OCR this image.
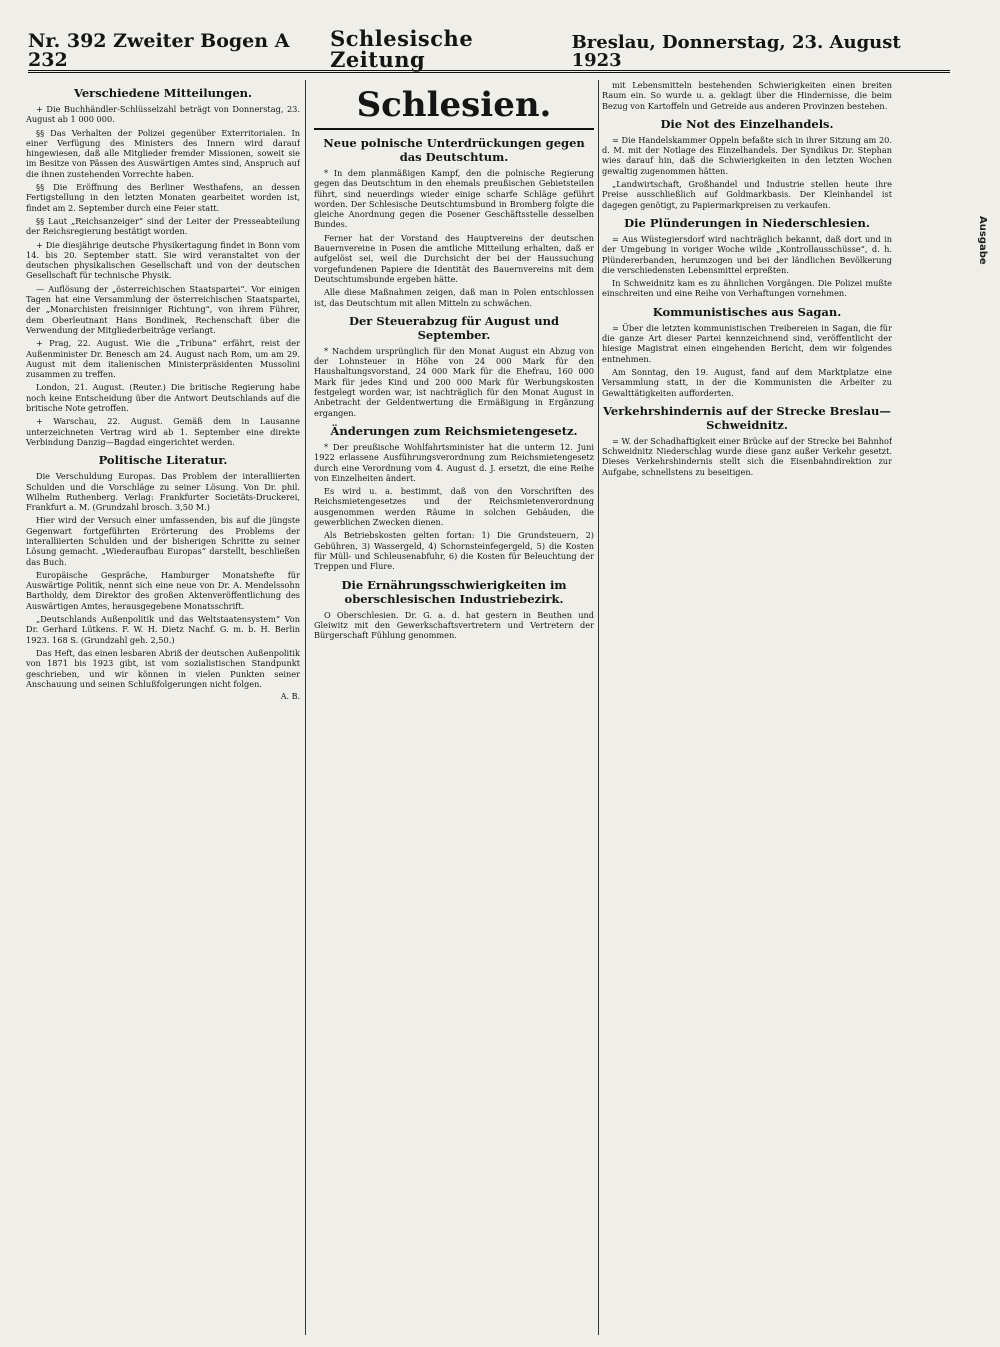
Nr. 392 Zweiter Bogen A 232
Schlesische Zeitung
Breslau, Donnerstag, 23. August 1923
Verschiedene Mitteilungen.

+ Die Buchhändler-Schlüsselzahl beträgt von Donnerstag, 23. August ab 1 000 000.

§§ Das Verhalten der Polizei gegenüber Exterritorialen. In einer Verfügung des Ministers des Innern wird darauf hingewiesen, daß alle Mitglieder fremder Missionen, soweit sie im Besitze von Pässen des Auswärtigen Amtes sind, Anspruch auf die ihnen zustehenden Vorrechte haben.

§§ Die Eröffnung des Berliner Westhafens, an dessen Fertigstellung in den letzten Monaten gearbeitet worden ist, findet am 2. September durch eine Feier statt.

§§ Laut „Reichsanzeiger“ sind der Leiter der Presseabteilung der Reichsregierung bestätigt worden.

+ Die diesjährige deutsche Physikertagung findet in Bonn vom 14. bis 20. September statt. Sie wird veranstaltet von der deutschen physikalischen Gesellschaft und von der deutschen Gesellschaft für technische Physik.

— Auflösung der „österreichischen Staatspartei“. Vor einigen Tagen hat eine Versammlung der österreichischen Staatspartei, der „Monarchisten freisinniger Richtung“, von ihrem Führer, dem Oberleutnant Hans Bondinek, Rechenschaft über die Verwendung der Mitgliederbeiträge verlangt.

+ Prag, 22. August. Wie die „Tribuna“ erfährt, reist der Außenminister Dr. Benesch am 24. August nach Rom, um am 29. August mit dem italienischen Ministerpräsidenten Mussolini zusammen zu treffen.

London, 21. August. (Reuter.) Die britische Regierung habe noch keine Entscheidung über die Antwort Deutschlands auf die britische Note getroffen.

+ Warschau, 22. August. Gemäß dem in Lausanne unterzeichneten Vertrag wird ab 1. September eine direkte Verbindung Danzig—Bagdad eingerichtet werden.

Politische Literatur.

Die Verschuldung Europas. Das Problem der interalliierten Schulden und die Vorschläge zu seiner Lösung. Von Dr. phil. Wilhelm Ruthenberg. Verlag: Frankfurter Societäts-Druckerei, Frankfurt a. M. (Grundzahl brosch. 3,50 M.)

Hier wird der Versuch einer umfassenden, bis auf die jüngste Gegenwart fortgeführten Erörterung des Problems der interalliierten Schulden und der bisherigen Schritte zu seiner Lösung gemacht. „Wiederaufbau Europas“ darstellt, beschließen das Buch.

Europäische Gespräche, Hamburger Monatshefte für Auswärtige Politik, nennt sich eine neue von Dr. A. Mendelssohn Bartholdy, dem Direktor des großen Aktenveröffentlichung des Auswärtigen Amtes, herausgegebene Monatsschrift.

„Deutschlands Außenpolitik und das Weltstaatensystem“ Von Dr. Gerhard Lütkens. F. W. H. Dietz Nachf. G. m. b. H. Berlin 1923. 168 S. (Grundzahl geh. 2,50.)

Das Heft, das einen lesbaren Abriß der deutschen Außenpolitik von 1871 bis 1923 gibt, ist vom sozialistischen Standpunkt geschrieben, und wir können in vielen Punkten seiner Anschauung und seinen Schlußfolgerungen nicht folgen.

A. B.
Schlesien.
Neue polnische Unterdrückungen gegen das Deutschtum.

* In dem planmäßigen Kampf, den die polnische Regierung gegen das Deutschtum in den ehemals preußischen Gebietsteilen führt, sind neuerdings wieder einige scharfe Schläge geführt worden. Der Schlesische Deutschtumsbund in Bromberg folgte die gleiche Anordnung gegen die Posener Geschäftsstelle desselben Bundes.

Ferner hat der Vorstand des Hauptvereins der deutschen Bauernvereine in Posen die amtliche Mitteilung erhalten, daß er aufgelöst sei, weil die Durchsicht der bei der Haussuchung vorgefundenen Papiere die Identität des Bauernvereins mit dem Deutschtumsbunde ergeben hätte.

Alle diese Maßnahmen zeigen, daß man in Polen entschlossen ist, das Deutschtum mit allen Mitteln zu schwächen.

Der Steuerabzug für August und September.

* Nachdem ursprünglich für den Monat August ein Abzug von der Lohnsteuer in Höhe von 24 000 Mark für den Haushaltungsvorstand, 24 000 Mark für die Ehefrau, 160 000 Mark für jedes Kind und 200 000 Mark für Werbungskosten festgelegt worden war, ist nachträglich für den Monat August in Anbetracht der Geldentwertung die Ermäßigung in Ergänzung ergangen.

Änderungen zum Reichsmietengesetz.

* Der preußische Wohlfahrtsminister hat die unterm 12. Juni 1922 erlassene Ausführungsverordnung zum Reichsmietengesetz durch eine Verordnung vom 4. August d. J. ersetzt, die eine Reihe von Einzelheiten ändert.

Es wird u. a. bestimmt, daß von den Vorschriften des Reichsmietengesetzes und der Reichsmietenverordnung ausgenommen werden Räume in solchen Gebäuden, die gewerblichen Zwecken dienen.

Als Betriebskosten gelten fortan: 1) Die Grundsteuern, 2) Gebühren, 3) Wassergeld, 4) Schornsteinfegergeld, 5) die Kosten für Müll- und Schleusenabfuhr, 6) die Kosten für Beleuchtung der Treppen und Flure.

Die Ernährungsschwierigkeiten im oberschlesischen Industriebezirk.

O Oberschlesien. Dr. G. a. d. hat gestern in Beuthen und Gleiwitz mit den Gewerkschaftsvertretern und Vertretern der Bürgerschaft Fühlung genommen.

mit Lebensmitteln bestehenden Schwierigkeiten einen breiten Raum ein. So wurde u. a. geklagt über die Hindernisse, die beim Bezug von Kartoffeln und Getreide aus anderen Provinzen bestehen.

Die Not des Einzelhandels.

= Die Handelskammer Oppeln befaßte sich in ihrer Sitzung am 20. d. M. mit der Notlage des Einzelhandels. Der Syndikus Dr. Stephan wies darauf hin, daß die Schwierigkeiten in den letzten Wochen gewaltig zugenommen hätten.

„Landwirtschaft, Großhandel und Industrie stellen heute ihre Preise ausschließlich auf Goldmarkbasis. Der Kleinhandel ist dagegen genötigt, zu Papiermarkpreisen zu verkaufen.

Die Plünderungen in Niederschlesien.

= Aus Wüstegiersdorf wird nachträglich bekannt, daß dort und in der Umgebung in voriger Woche wilde „Kontrollausschüsse“, d. h. Plündererbanden, herumzogen und bei der ländlichen Bevölkerung die verschiedensten Lebensmittel erpreßten.

In Schweidnitz kam es zu ähnlichen Vorgängen. Die Polizei mußte einschreiten und eine Reihe von Verhaftungen vornehmen.

Kommunistisches aus Sagan.

= Über die letzten kommunistischen Treibereien in Sagan, die für die ganze Art dieser Partei kennzeichnend sind, veröffentlicht der hiesige Magistrat einen eingehenden Bericht, dem wir folgendes entnehmen.

Am Sonntag, den 19. August, fand auf dem Marktplatze eine Versammlung statt, in der die Kommunisten die Arbeiter zu Gewalttätigkeiten aufforderten.

Verkehrshindernis auf der Strecke Breslau—Schweidnitz.

= W. der Schadhaftigkeit einer Brücke auf der Strecke bei Bahnhof Schweidnitz Niederschlag wurde diese ganz außer Verkehr gesetzt. Dieses Verkehrshindernis stellt sich die Eisenbahndirektion zur Aufgabe, schnellstens zu beseitigen.

Ausgabe
